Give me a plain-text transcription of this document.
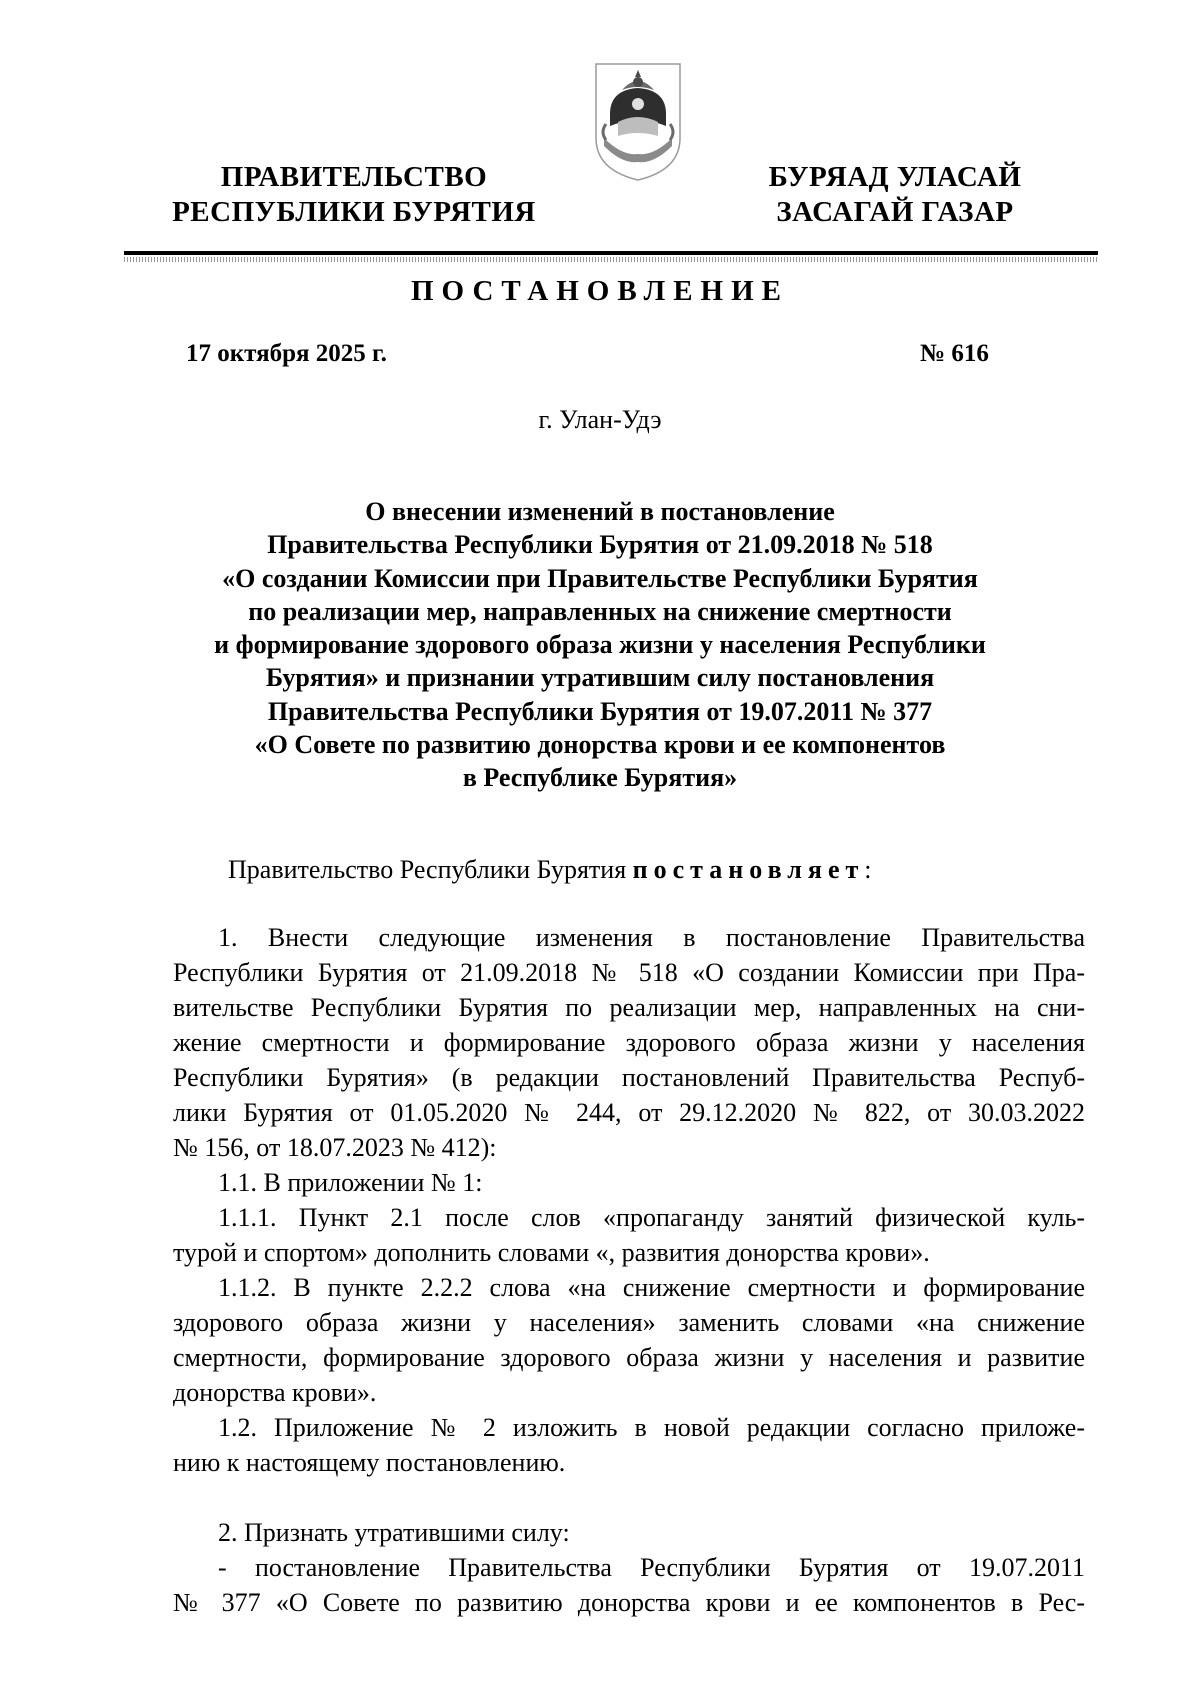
ПРАВИТЕЛЬСТВО
РЕСПУБЛИКИ БУРЯТИЯ
БУРЯАД УЛАСАЙ
ЗАСАГАЙ ГАЗАР
ПОСТАНОВЛЕНИЕ
17 октября 2025 г.	№ 616
г. Улан-Удэ
О внесении изменений в постановление
Правительства Республики Бурятия от 21.09.2018 № 518
«О создании Комиссии при Правительстве Республики Бурятия
по реализации мер, направленных на снижение смертности
и формирование здорового образа жизни у населения Республики
Бурятия» и признании утратившим силу постановления
Правительства Республики Бурятия от 19.07.2011 № 377
«О Совете по развитию донорства крови и ее компонентов
в Республике Бурятия»
Правительство Республики Бурятия постановляет:
1. Внести следующие изменения в постановление Правительства
Республики Бурятия от 21.09.2018 № 518 «О создании Комиссии при Пра-
вительстве Республики Бурятия по реализации мер, направленных на сни-
жение смертности и формирование здорового образа жизни у населения
Республики Бурятия» (в редакции постановлений Правительства Респуб-
лики Бурятия от 01.05.2020 № 244, от 29.12.2020 № 822, от 30.03.2022
№ 156, от 18.07.2023 № 412):
1.1. В приложении № 1:
1.1.1. Пункт 2.1 после слов «пропаганду занятий физической куль-
турой и спортом» дополнить словами «, развития донорства крови».
1.1.2. В пункте 2.2.2 слова «на снижение смертности и формирование
здорового образа жизни у населения» заменить словами «на снижение
смертности, формирование здорового образа жизни у населения и развитие
донорства крови».
1.2. Приложение № 2 изложить в новой редакции согласно приложе-
нию к настоящему постановлению.
2. Признать утратившими силу:
- постановление Правительства Республики Бурятия от 19.07.2011
№ 377 «О Совете по развитию донорства крови и ее компонентов в Рес-
